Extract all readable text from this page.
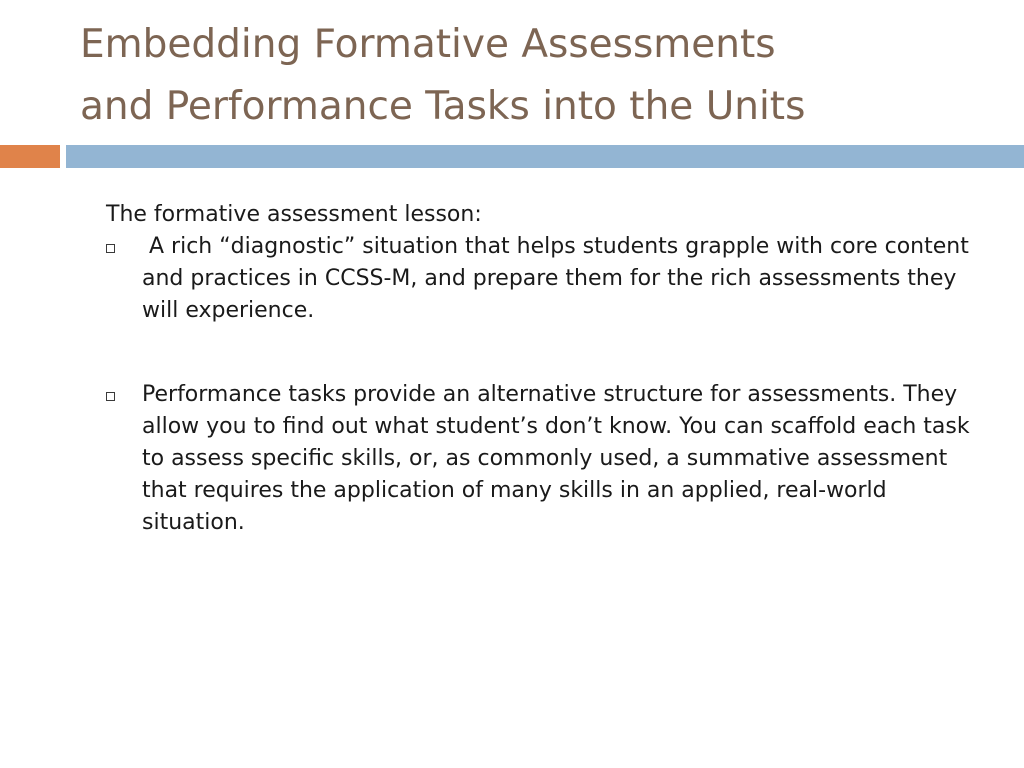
Embedding Formative Assessments
and Performance Tasks into the Units

The formative assessment lesson:

A rich “diagnostic” situation that helps students grapple with core content and practices in CCSS-M, and prepare them for the rich assessments they will experience.
Performance tasks provide an alternative structure for assessments. They allow you to find out what student’s don’t know. You can scaffold each task to assess specific skills, or, as commonly used, a summative assessment that requires the application of many skills in an applied, real-world situation.
